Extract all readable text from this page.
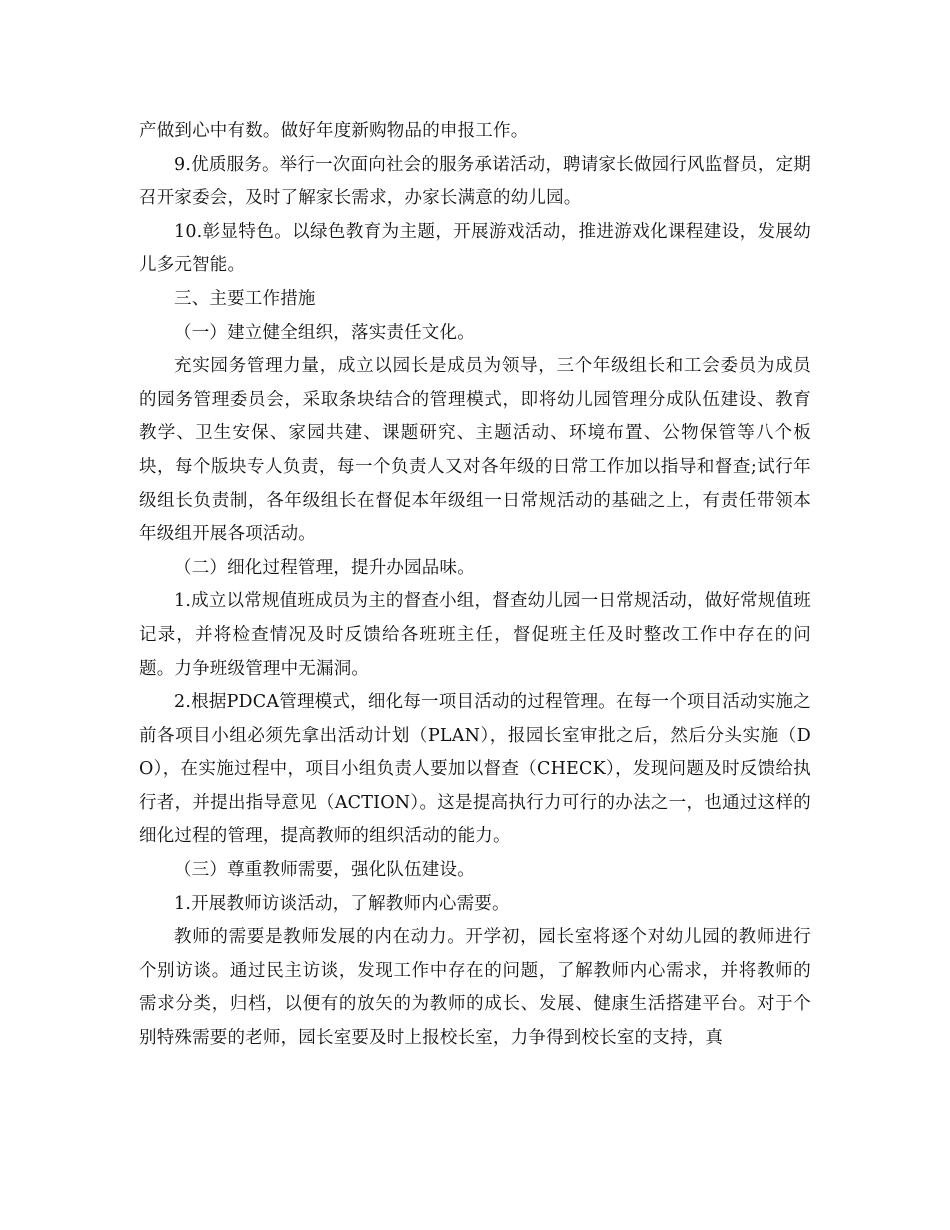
产做到心中有数。做好年度新购物品的申报工作。

9.优质服务。举行一次面向社会的服务承诺活动，聘请家长做园行风监督员，定期召开家委会，及时了解家长需求，办家长满意的幼儿园。

10.彰显特色。以绿色教育为主题，开展游戏活动，推进游戏化课程建设，发展幼儿多元智能。

三、主要工作措施

（一）建立健全组织，落实责任文化。

充实园务管理力量，成立以园长是成员为领导，三个年级组长和工会委员为成员的园务管理委员会，采取条块结合的管理模式，即将幼儿园管理分成队伍建设、教育教学、卫生安保、家园共建、课题研究、主题活动、环境布置、公物保管等八个板块，每个版块专人负责，每一个负责人又对各年级的日常工作加以指导和督查;试行年级组长负责制，各年级组长在督促本年级组一日常规活动的基础之上，有责任带领本年级组开展各项活动。

（二）细化过程管理，提升办园品味。

1.成立以常规值班成员为主的督查小组，督查幼儿园一日常规活动，做好常规值班记录，并将检查情况及时反馈给各班班主任，督促班主任及时整改工作中存在的问题。力争班级管理中无漏洞。

2.根据PDCA管理模式，细化每一项目活动的过程管理。在每一个项目活动实施之前各项目小组必须先拿出活动计划（PLAN），报园长室审批之后，然后分头实施（DO），在实施过程中，项目小组负责人要加以督查（CHECK），发现问题及时反馈给执行者，并提出指导意见（ACTION）。这是提高执行力可行的办法之一，也通过这样的细化过程的管理，提高教师的组织活动的能力。

（三）尊重教师需要，强化队伍建设。

1.开展教师访谈活动，了解教师内心需要。

教师的需要是教师发展的内在动力。开学初，园长室将逐个对幼儿园的教师进行个别访谈。通过民主访谈，发现工作中存在的问题，了解教师内心需求，并将教师的需求分类，归档，以便有的放矢的为教师的成长、发展、健康生活搭建平台。对于个别特殊需要的老师，园长室要及时上报校长室，力争得到校长室的支持，真
